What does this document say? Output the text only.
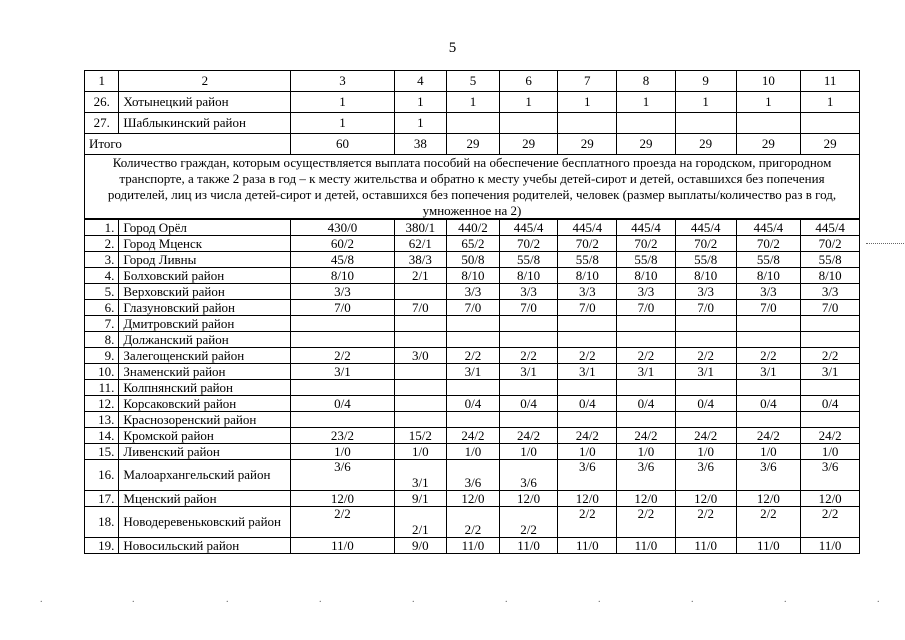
5
1	2	3	4	5	6	7	8	9	10	11
26.	Хотынецкий район	1	1	1	1	1	1	1	1	1
27.	Шаблыкинский район	1	1							
Итого		60	38	29	29	29	29	29	29	29
Количество граждан, которым осуществляется выплата пособий на обеспечение бесплатного проезда на городском, пригородном транспорте, а также 2 раза в год – к месту жительства и обратно к месту учебы детей-сирот и детей, оставшихся без попечения родителей, лиц из числа детей-сирот и детей, оставшихся без попечения родителей, человек (размер выплаты/количество раз в год, умноженное на 2)
1.	Город Орёл	430/0	380/1	440/2	445/4	445/4	445/4	445/4	445/4	445/4
2.	Город Мценск	60/2	62/1	65/2	70/2	70/2	70/2	70/2	70/2	70/2
3.	Город Ливны	45/8	38/3	50/8	55/8	55/8	55/8	55/8	55/8	55/8
4.	Болховский район	8/10	2/1	8/10	8/10	8/10	8/10	8/10	8/10	8/10
5.	Верховский район	3/3		3/3	3/3	3/3	3/3	3/3	3/3	3/3
6.	Глазуновский район	7/0	7/0	7/0	7/0	7/0	7/0	7/0	7/0	7/0
7.	Дмитровский район									
8.	Должанский район									
9.	Залегощенский район	2/2	3/0	2/2	2/2	2/2	2/2	2/2	2/2	2/2
10.	Знаменский район	3/1		3/1	3/1	3/1	3/1	3/1	3/1	3/1
11.	Колпнянский район									
12.	Корсаковский район	0/4		0/4	0/4	0/4	0/4	0/4	0/4	0/4
13.	Краснозоренский район									
14.	Кромской район	23/2	15/2	24/2	24/2	24/2	24/2	24/2	24/2	24/2
15.	Ливенский район	1/0	1/0	1/0	1/0	1/0	1/0	1/0	1/0	1/0
16.	Малоархангельский район	3/6	3/1	3/6	3/6	3/6	3/6	3/6	3/6	3/6
17.	Мценский район	12/0	9/1	12/0	12/0	12/0	12/0	12/0	12/0	12/0
18.	Новодеревеньковский район	2/2	2/1	2/2	2/2	2/2	2/2	2/2	2/2	2/2
19.	Новосильский район	11/0	9/0	11/0	11/0	11/0	11/0	11/0	11/0	11/0
.	.	.	.	.	.	.	.	.	.
